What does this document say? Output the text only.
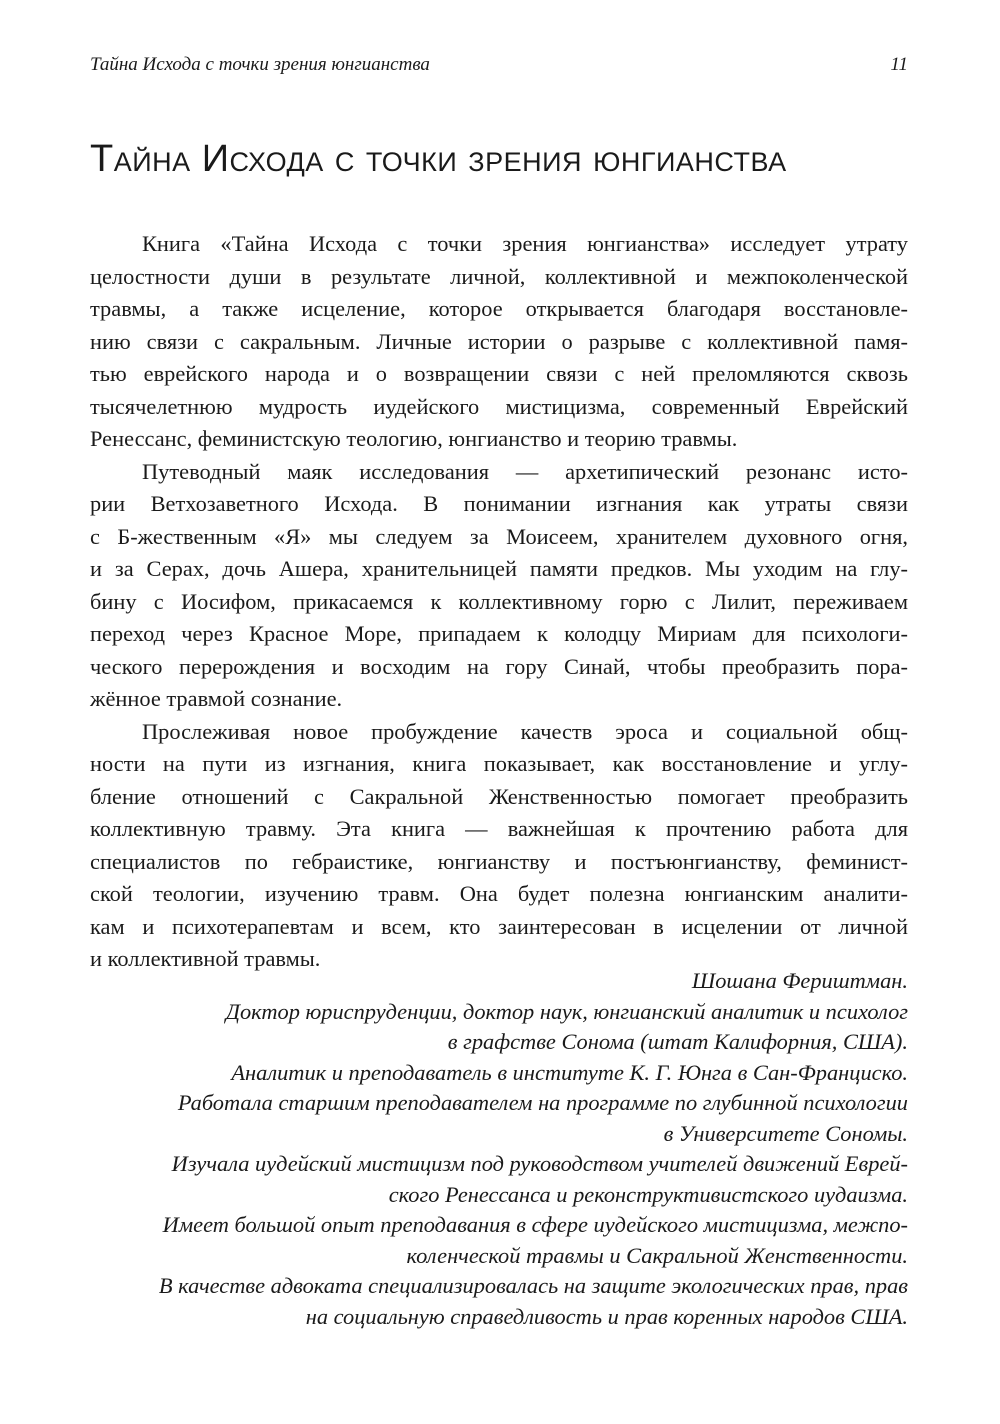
Тайна Исхода с точки зрения юнгианства	11
Тайна Исхода с точки зрения юнгианства
Книга «Тайна Исхода с точки зрения юнгианства» исследует утрату
целостности души в результате личной, коллективной и межпоколенческой
травмы, а также исцеление, которое открывается благодаря восстановле-
нию связи с сакральным. Личные истории о разрыве с коллективной памя-
тью еврейского народа и о возвращении связи с ней преломляются сквозь
тысячелетнюю мудрость иудейского мистицизма, современный Еврейский
Ренессанс, феминистскую теологию, юнгианство и теорию травмы.
Путеводный маяк исследования — архетипический резонанс исто-
рии Ветхозаветного Исхода. В понимании изгнания как утраты связи
с Б-жественным «Я» мы следуем за Моисеем, хранителем духовного огня,
и за Серах, дочь Ашера, хранительницей памяти предков. Мы уходим на глу-
бину с Иосифом, прикасаемся к коллективному горю с Лилит, переживаем
переход через Красное Море, припадаем к колодцу Мириам для психологи-
ческого перерождения и восходим на гору Синай, чтобы преобразить пора-
жённое травмой сознание.
Прослеживая новое пробуждение качеств эроса и социальной общ-
ности на пути из изгнания, книга показывает, как восстановление и углу-
бление отношений с Сакральной Женственностью помогает преобразить
коллективную травму. Эта книга — важнейшая к прочтению работа для
специалистов по гебраистике, юнгианству и постъюнгианству, феминист-
ской теологии, изучению травм. Она будет полезна юнгианским аналити-
кам и психотерапевтам и всем, кто заинтересован в исцелении от личной
и коллективной травмы.
Шошана Фериштман.
Доктор юриспруденции, доктор наук, юнгианский аналитик и психолог
в графстве Сонома (штат Калифорния, США).
Аналитик и преподаватель в институте К. Г. Юнга в Сан-Франциско.
Работала старшим преподавателем на программе по глубинной психологии
в Университете Сономы.
Изучала иудейский мистицизм под руководством учителей движений Еврей-
ского Ренессанса и реконструктивистского иудаизма.
Имеет большой опыт преподавания в сфере иудейского мистицизма, межпо-
коленческой травмы и Сакральной Женственности.
В качестве адвоката специализировалась на защите экологических прав, прав
на социальную справедливость и прав коренных народов США.
